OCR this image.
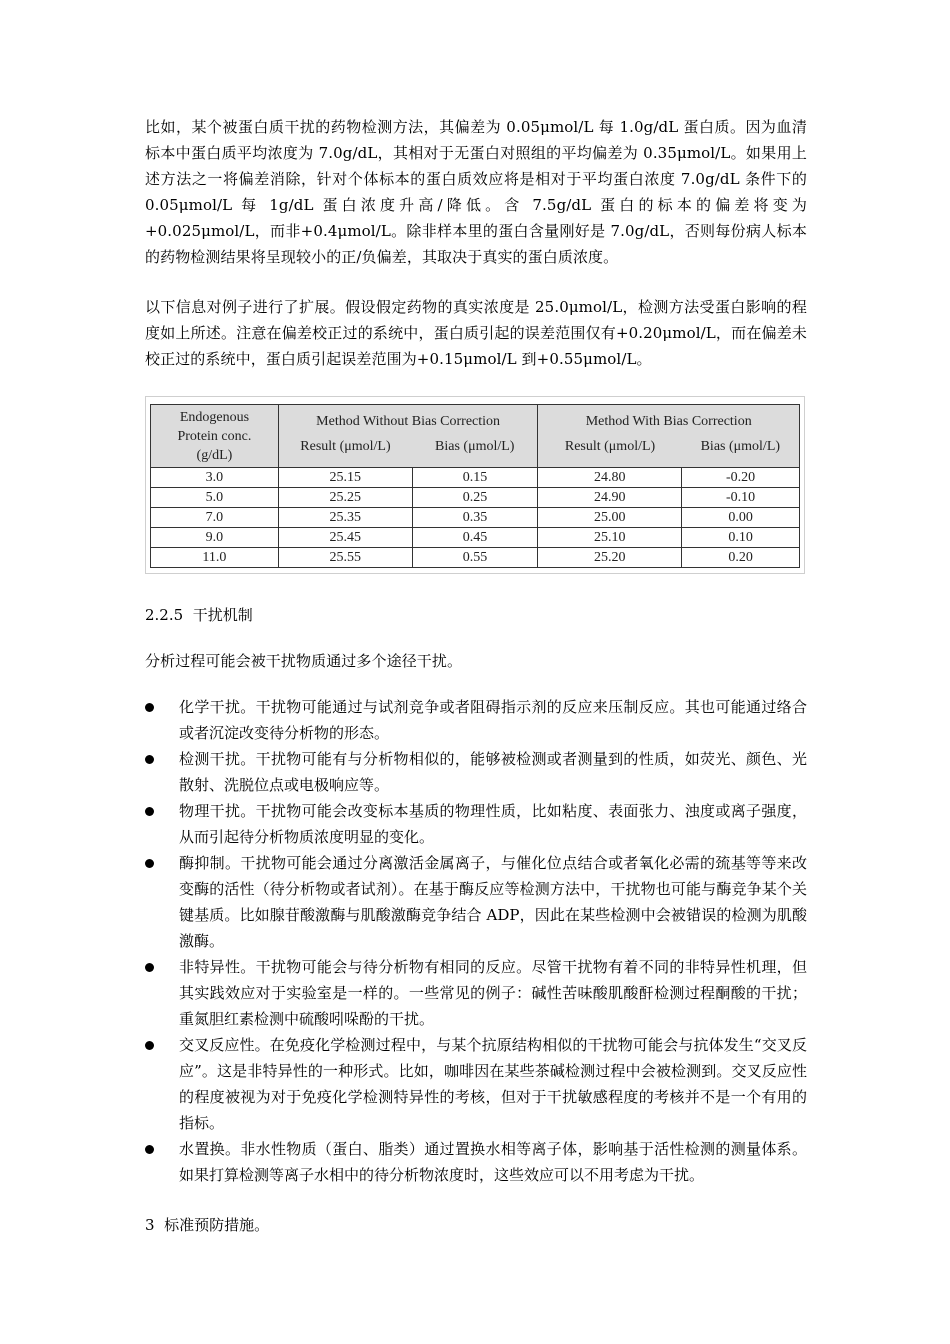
比如，某个被蛋白质干扰的药物检测方法，其偏差为 0.05μmol/L 每 1.0g/dL 蛋白质。因为血清标本中蛋白质平均浓度为 7.0g/dL，其相对于无蛋白对照组的平均偏差为 0.35μmol/L。如果用上述方法之一将偏差消除，针对个体标本的蛋白质效应将是相对于平均蛋白浓度 7.0g/dL 条件下的 0.05μmol/L 每 1g/dL 蛋白浓度升高/降低。含 7.5g/dL 蛋白的标本的偏差将变为+0.025μmol/L，而非+0.4μmol/L。除非样本里的蛋白含量刚好是 7.0g/dL，否则每份病人标本的药物检测结果将呈现较小的正/负偏差，其取决于真实的蛋白质浓度。

以下信息对例子进行了扩展。假设假定药物的真实浓度是 25.0μmol/L，检测方法受蛋白影响的程度如上所述。注意在偏差校正过的系统中，蛋白质引起的误差范围仅有+0.20μmol/L，而在偏差未校正过的系统中，蛋白质引起误差范围为+0.15μmol/L 到+0.55μmol/L。

Endogenous
Protein conc.
(g/dL)	Method Without Bias Correction		Method With Bias Correction	
	Result (μmol/L)	Bias (μmol/L)	Result (μmol/L)	Bias (μmol/L)
3.0	25.15	0.15	24.80	-0.20
5.0	25.25	0.25	24.90	-0.10
7.0	25.35	0.35	25.00	0.00
9.0	25.45	0.45	25.10	0.10
11.0	25.55	0.55	25.20	0.20

2.2.5  干扰机制

分析过程可能会被干扰物质通过多个途径干扰。

化学干扰。干扰物可能通过与试剂竞争或者阻碍指示剂的反应来压制反应。其也可能通过络合或者沉淀改变待分析物的形态。
检测干扰。干扰物可能有与分析物相似的，能够被检测或者测量到的性质，如荧光、颜色、光散射、洗脱位点或电极响应等。
物理干扰。干扰物可能会改变标本基质的物理性质，比如粘度、表面张力、浊度或离子强度，从而引起待分析物质浓度明显的变化。
酶抑制。干扰物可能会通过分离激活金属离子，与催化位点结合或者氧化必需的巯基等等来改变酶的活性（待分析物或者试剂）。在基于酶反应等检测方法中，干扰物也可能与酶竞争某个关键基质。比如腺苷酸激酶与肌酸激酶竞争结合 ADP，因此在某些检测中会被错误的检测为肌酸激酶。
非特异性。干扰物可能会与待分析物有相同的反应。尽管干扰物有着不同的非特异性机理，但其实践效应对于实验室是一样的。一些常见的例子：碱性苦味酸肌酸酐检测过程酮酸的干扰；重氮胆红素检测中硫酸吲哚酚的干扰。
交叉反应性。在免疫化学检测过程中，与某个抗原结构相似的干扰物可能会与抗体发生“交叉反应”。这是非特异性的一种形式。比如，咖啡因在某些茶碱检测过程中会被检测到。交叉反应性的程度被视为对于免疫化学检测特异性的考核，但对于干扰敏感程度的考核并不是一个有用的指标。
水置换。非水性物质（蛋白、脂类）通过置换水相等离子体，影响基于活性检测的测量体系。如果打算检测等离子水相中的待分析物浓度时，这些效应可以不用考虑为干扰。

3  标准预防措施。
